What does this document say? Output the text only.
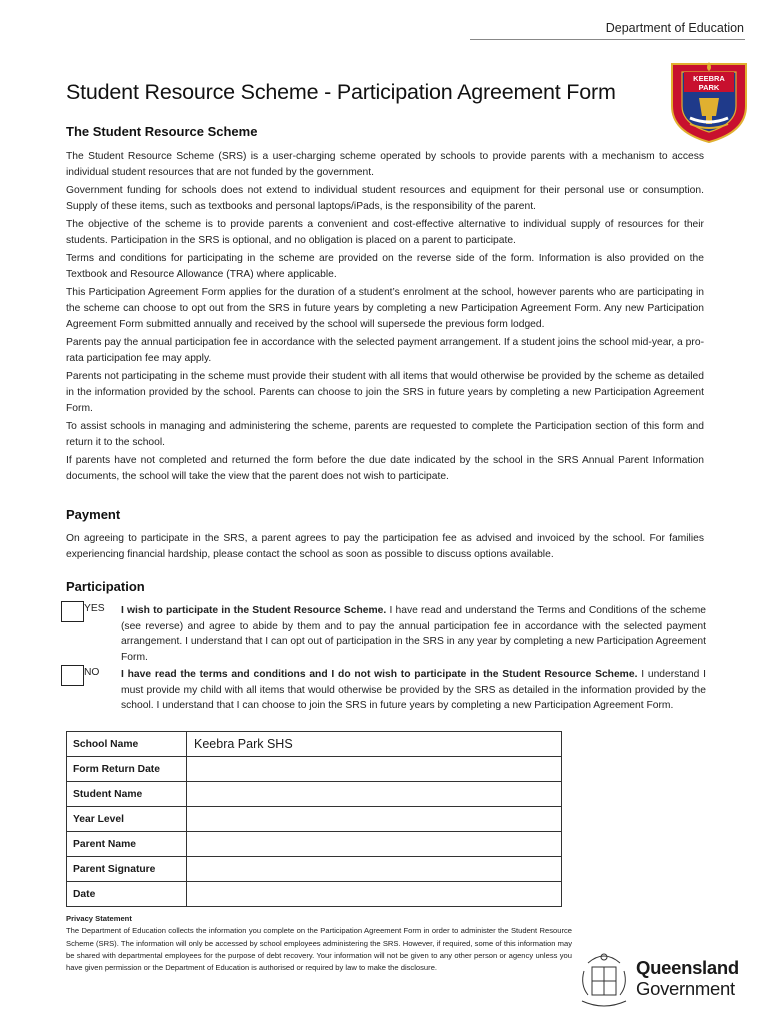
Department of Education
Student Resource Scheme - Participation Agreement Form
KEEBRA
PARK
The Student Resource Scheme

The Student Resource Scheme (SRS) is a user-charging scheme operated by schools to provide parents with a mechanism to access individual student resources that are not funded by the government.

Government funding for schools does not extend to individual student resources and equipment for their personal use or consumption. Supply of these items, such as textbooks and personal laptops/iPads, is the responsibility of the parent.

The objective of the scheme is to provide parents a convenient and cost-effective alternative to individual supply of resources for their students. Participation in the SRS is optional, and no obligation is placed on a parent to participate.

Terms and conditions for participating in the scheme are provided on the reverse side of the form. Information is also provided on the Textbook and Resource Allowance (TRA) where applicable.

This Participation Agreement Form applies for the duration of a student’s enrolment at the school, however parents who are participating in the scheme can choose to opt out from the SRS in future years by completing a new Participation Agreement Form. Any new Participation Agreement Form submitted annually and received by the school will supersede the previous form lodged.

Parents pay the annual participation fee in accordance with the selected payment arrangement. If a student joins the school mid-year, a pro-rata participation fee may apply.

Parents not participating in the scheme must provide their student with all items that would otherwise be provided by the scheme as detailed in the information provided by the school. Parents can choose to join the SRS in future years by completing a new Participation Agreement Form.

To assist schools in managing and administering the scheme, parents are requested to complete the Participation section of this form and return it to the school.

If parents have not completed and returned the form before the due date indicated by the school in the SRS Annual Parent Information documents, the school will take the view that the parent does not wish to participate.

Payment

On agreeing to participate in the SRS, a parent agrees to pay the participation fee as advised and invoiced by the school. For families experiencing financial hardship, please contact the school as soon as possible to discuss options available.

Participation
YES I wish to participate in the Student Resource Scheme. I have read and understand the Terms and Conditions of the scheme (see reverse) and agree to abide by them and to pay the annual participation fee in accordance with the selected payment arrangement. I understand that I can opt out of participation in the SRS in any year by completing a new Participation Agreement Form.
NO I have read the terms and conditions and I do not wish to participate in the Student Resource Scheme. I understand I must provide my child with all items that would otherwise be provided by the SRS as detailed in the information provided by the school. I understand that I can choose to join the SRS in future years by completing a new Participation Agreement Form.
School Name	Keebra Park SHS
Form Return Date	
Student Name	
Year Level	
Parent Name	
Parent Signature	
Date	
Privacy Statement

The Department of Education collects the information you complete on the Participation Agreement Form in order to administer the Student Resource Scheme (SRS). The information will only be accessed by school employees administering the SRS. However, if required, some of this information may be shared with departmental employees for the purpose of debt recovery. Your information will not be given to any other person or agency unless you have given permission or the Department of Education is authorised or required by law to make the disclosure.	Queensland
Government
